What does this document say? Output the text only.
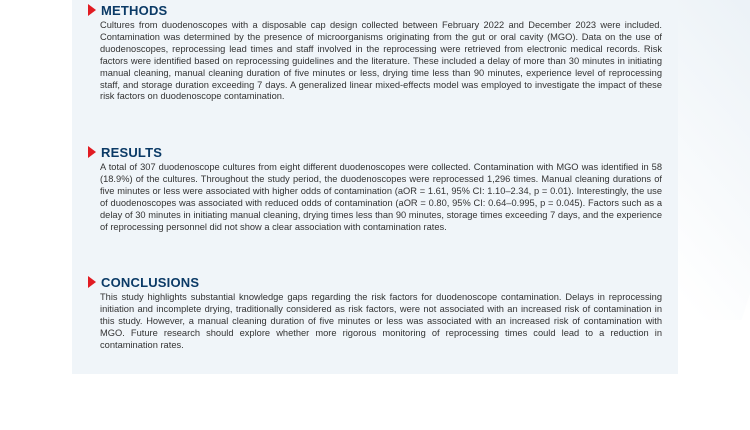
METHODS
Cultures from duodenoscopes with a disposable cap design collected between February 2022 and December 2023 were included. Contamination was determined by the presence of microorganisms originating from the gut or oral cavity (MGO). Data on the use of duodenoscopes, reprocessing lead times and staff involved in the reprocessing were retrieved from electronic medical records. Risk factors were identified based on reprocessing guidelines and the literature. These included a delay of more than 30 minutes in initiating manual cleaning, manual cleaning duration of five minutes or less, drying time less than 90 minutes, experience level of reprocessing staff, and storage duration exceeding 7 days. A generalized linear mixed-effects model was employed to investigate the impact of these risk factors on duodenoscope contamination.
RESULTS
A total of 307 duodenoscope cultures from eight different duodenoscopes were collected. Contamination with MGO was identified in 58 (18.9%) of the cultures. Throughout the study period, the duodenoscopes were reprocessed 1,296 times. Manual cleaning durations of five minutes or less were associated with higher odds of contamination (aOR = 1.61, 95% CI: 1.10–2.34, p = 0.01). Interestingly, the use of duodenoscopes was associated with reduced odds of contamination (aOR = 0.80, 95% CI: 0.64–0.995, p = 0.045). Factors such as a delay of 30 minutes in initiating manual cleaning, drying times less than 90 minutes, storage times exceeding 7 days, and the experience of reprocessing personnel did not show a clear association with contamination rates.
CONCLUSIONS
This study highlights substantial knowledge gaps regarding the risk factors for duodenoscope contamination. Delays in reprocessing initiation and incomplete drying, traditionally considered as risk factors, were not associated with an increased risk of contamination in this study. However, a manual cleaning duration of five minutes or less was associated with an increased risk of contamination with MGO. Future research should explore whether more rigorous monitoring of reprocessing times could lead to a reduction in contamination rates.
